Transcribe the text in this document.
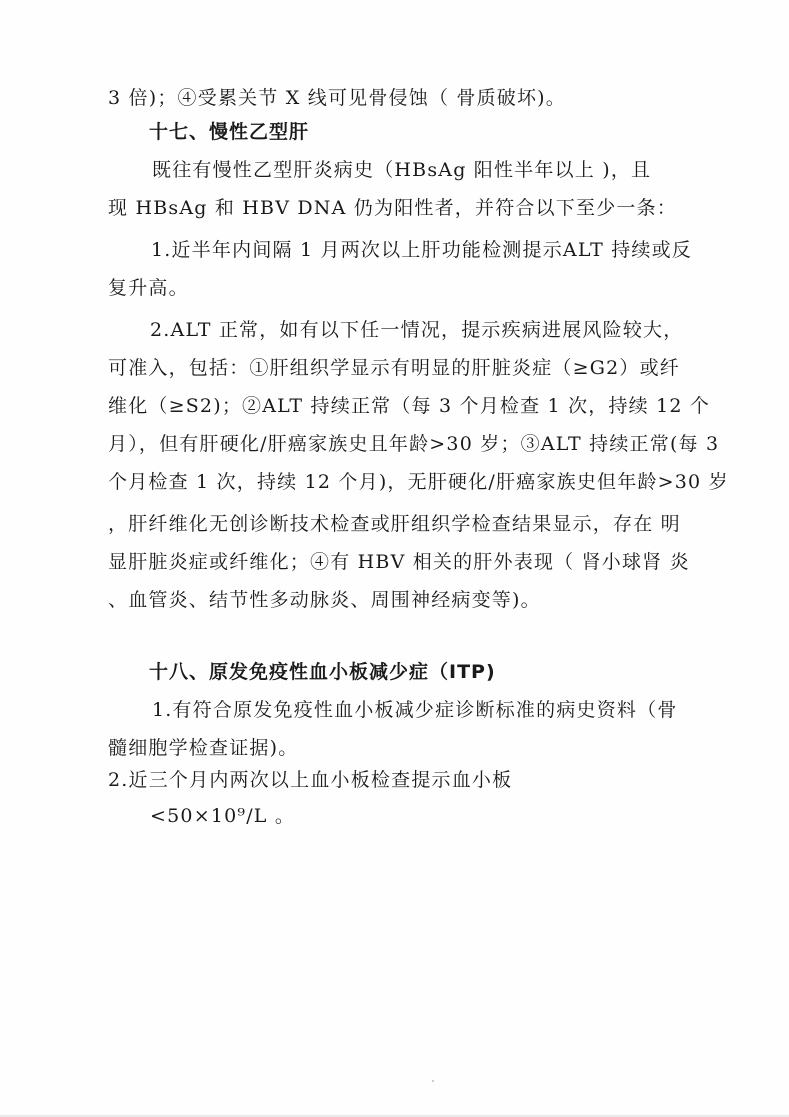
3 倍)；④受累关节 X 线可见骨侵蚀（ 骨质破坏)。
十七、慢性乙型肝
既往有慢性乙型肝炎病史（HBsAg 阳性半年以上 )，且
现 HBsAg 和 HBV DNA 仍为阳性者，并符合以下至少一条：
1.近半年内间隔 1 月两次以上肝功能检测提示ALT 持续或反
复升高。
2.ALT 正常，如有以下任一情况，提示疾病进展风险较大，
可准入，包括：①肝组织学显示有明显的肝脏炎症（≥G2）或纤
维化（≥S2)；②ALT 持续正常（每 3 个月检查 1 次，持续 12 个
月），但有肝硬化/肝癌家族史且年龄>30 岁；③ALT 持续正常(每 3
个月检查 1 次，持续 12 个月)，无肝硬化/肝癌家族史但年龄>30 岁
，肝纤维化无创诊断技术检查或肝组织学检查结果显示，存在 明
显肝脏炎症或纤维化；④有 HBV 相关的肝外表现（ 肾小球肾 炎
、血管炎、结节性多动脉炎、周围神经病变等)。
十八、原发免疫性血小板减少症（ITP)
1.有符合原发免疫性血小板减少症诊断标准的病史资料（骨
髓细胞学检查证据)。
2.近三个月内两次以上血小板检查提示血小板
<50×10⁹/L 。
